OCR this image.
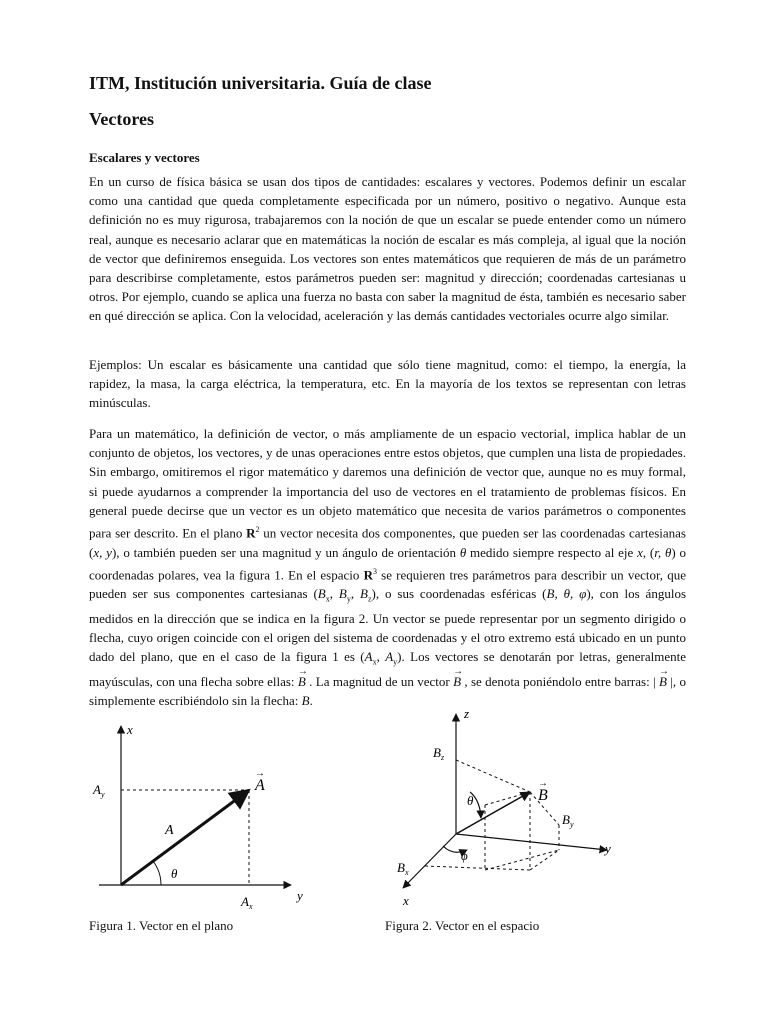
ITM, Institución universitaria. Guía de clase
Vectores
Escalares y vectores

En un curso de física básica se usan dos tipos de cantidades: escalares y vectores. Podemos definir un escalar como una cantidad que queda completamente especificada por un número, positivo o negativo. Aunque esta definición no es muy rigurosa, trabajaremos con la noción de que un escalar se puede entender como un número real, aunque es necesario aclarar que en matemáticas la noción de escalar es más compleja, al igual que la noción de vector que definiremos enseguida. Los vectores son entes matemáticos que requieren de más de un parámetro para describirse completamente, estos parámetros pueden ser: magnitud y dirección; coordenadas cartesianas u otros. Por ejemplo, cuando se aplica una fuerza no basta con saber la magnitud de ésta, también es necesario saber en qué dirección se aplica. Con la velocidad, aceleración y las demás cantidades vectoriales ocurre algo similar.

Ejemplos: Un escalar es básicamente una cantidad que sólo tiene magnitud, como: el tiempo, la energía, la rapidez, la masa, la carga eléctrica, la temperatura, etc. En la mayoría de los textos se representan con letras minúsculas.

Para un matemático, la definición de vector, o más ampliamente de un espacio vectorial, implica hablar de un conjunto de objetos, los vectores, y de unas operaciones entre estos objetos, que cumplen una lista de propiedades. Sin embargo, omitiremos el rigor matemático y daremos una definición de vector que, aunque no es muy formal, si puede ayudarnos a comprender la importancia del uso de vectores en el tratamiento de problemas físicos. En general puede decirse que un vector es un objeto matemático que necesita de varios parámetros o componentes para ser descrito. En el plano $R^2$ un vector necesita dos componentes, que pueden ser las coordenadas cartesianas (x, y), o también pueden ser una magnitud y un ángulo de orientación θ medido siempre respecto al eje x, (r, θ) o coordenadas polares, vea la figura 1. En el espacio $R^3$ se requieren tres parámetros para describir un vector, que pueden ser sus componentes cartesianas ($B_x$, $B_y$, $B_z$), o sus coordenadas esféricas (B, θ, φ), con los ángulos medidos en la dirección que se indica en la figura 2. Un vector se puede representar por un segmento dirigido o flecha, cuyo origen coincide con el origen del sistema de coordenadas y el otro extremo está ubicado en un punto dado del plano, que en el caso de la figura 1 es ($A_x$, $A_y$). Los vectores se denotarán por letras, generalmente mayúsculas, con una flecha sobre ellas: → B . La magnitud de un vector → B , se denota poniéndolo entre barras: | → B |, o simplemente escribiéndolo sin la flecha: B.

x
y
A
→
A
θ
$A_y$
$A_x$
Figura 1. Vector en el plano
z
y
x
B
→
$B_z$
$B_y$
$B_x$
θ
ϕ
Figura 2. Vector en el espacio
